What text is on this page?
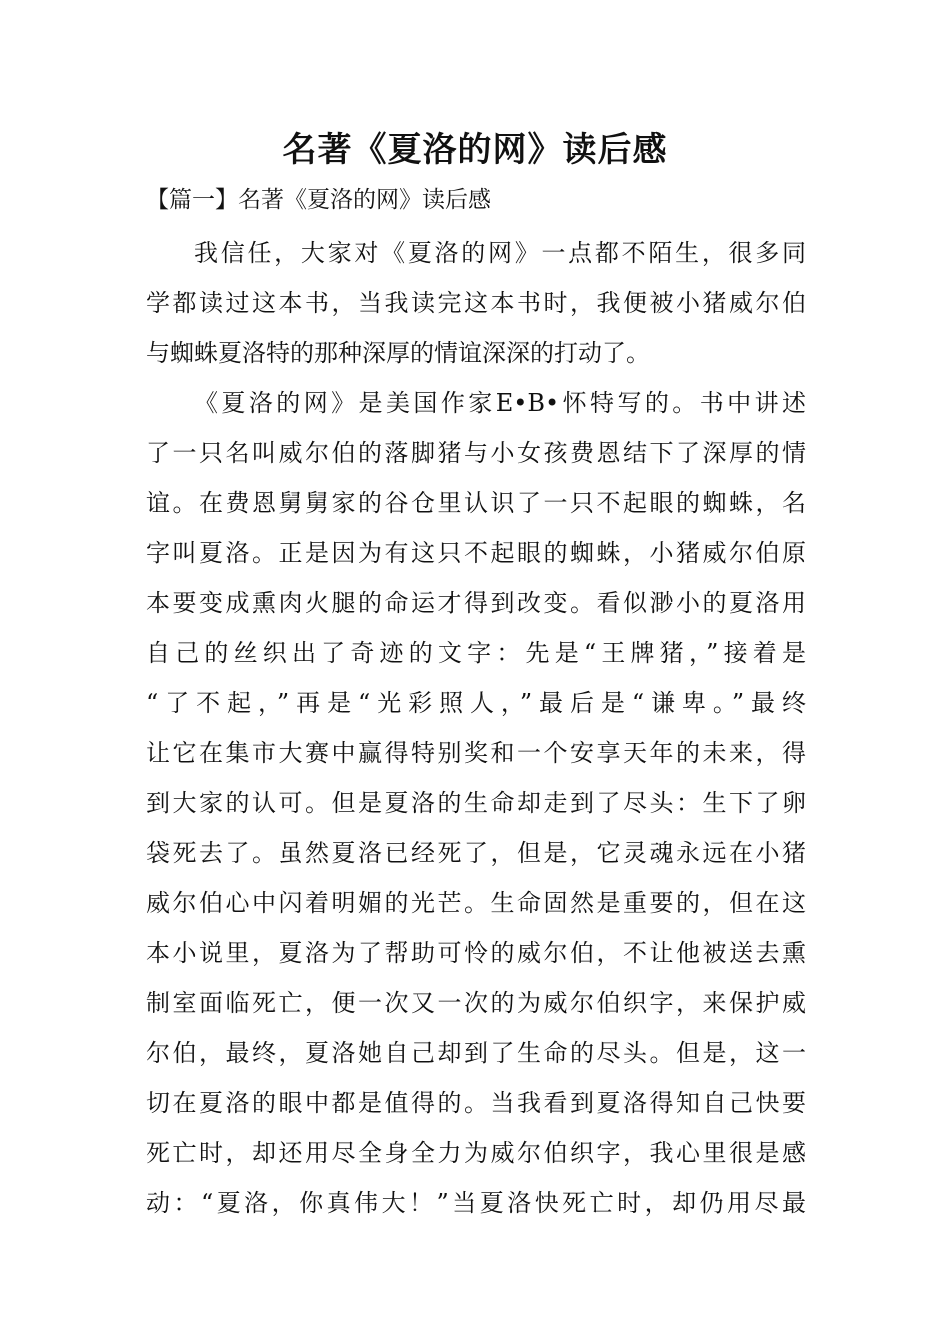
名著《夏洛的网》读后感
【篇一】名著《夏洛的网》读后感
我信任，大家对《夏洛的网》一点都不陌生，很多同
学都读过这本书，当我读完这本书时，我便被小猪威尔伯
与蜘蛛夏洛特的那种深厚的情谊深深的打动了。
《夏洛的网》是美国作家E•B•怀特写的。书中讲述
了一只名叫威尔伯的落脚猪与小女孩费恩结下了深厚的情
谊。在费恩舅舅家的谷仓里认识了一只不起眼的蜘蛛，名
字叫夏洛。正是因为有这只不起眼的蜘蛛，小猪威尔伯原
本要变成熏肉火腿的命运才得到改变。看似渺小的夏洛用
自己的丝织出了奇迹的文字：先是“王牌猪，”接着是
“了不起，”再是“光彩照人，”最后是“谦卑。”最终
让它在集市大赛中赢得特别奖和一个安享天年的未来，得
到大家的认可。但是夏洛的生命却走到了尽头：生下了卵
袋死去了。虽然夏洛已经死了，但是，它灵魂永远在小猪
威尔伯心中闪着明媚的光芒。生命固然是重要的，但在这
本小说里，夏洛为了帮助可怜的威尔伯，不让他被送去熏
制室面临死亡，便一次又一次的为威尔伯织字，来保护威
尔伯，最终，夏洛她自己却到了生命的尽头。但是，这一
切在夏洛的眼中都是值得的。当我看到夏洛得知自己快要
死亡时，却还用尽全身全力为威尔伯织字，我心里很是感
动：“夏洛，你真伟大！”当夏洛快死亡时，却仍用尽最
